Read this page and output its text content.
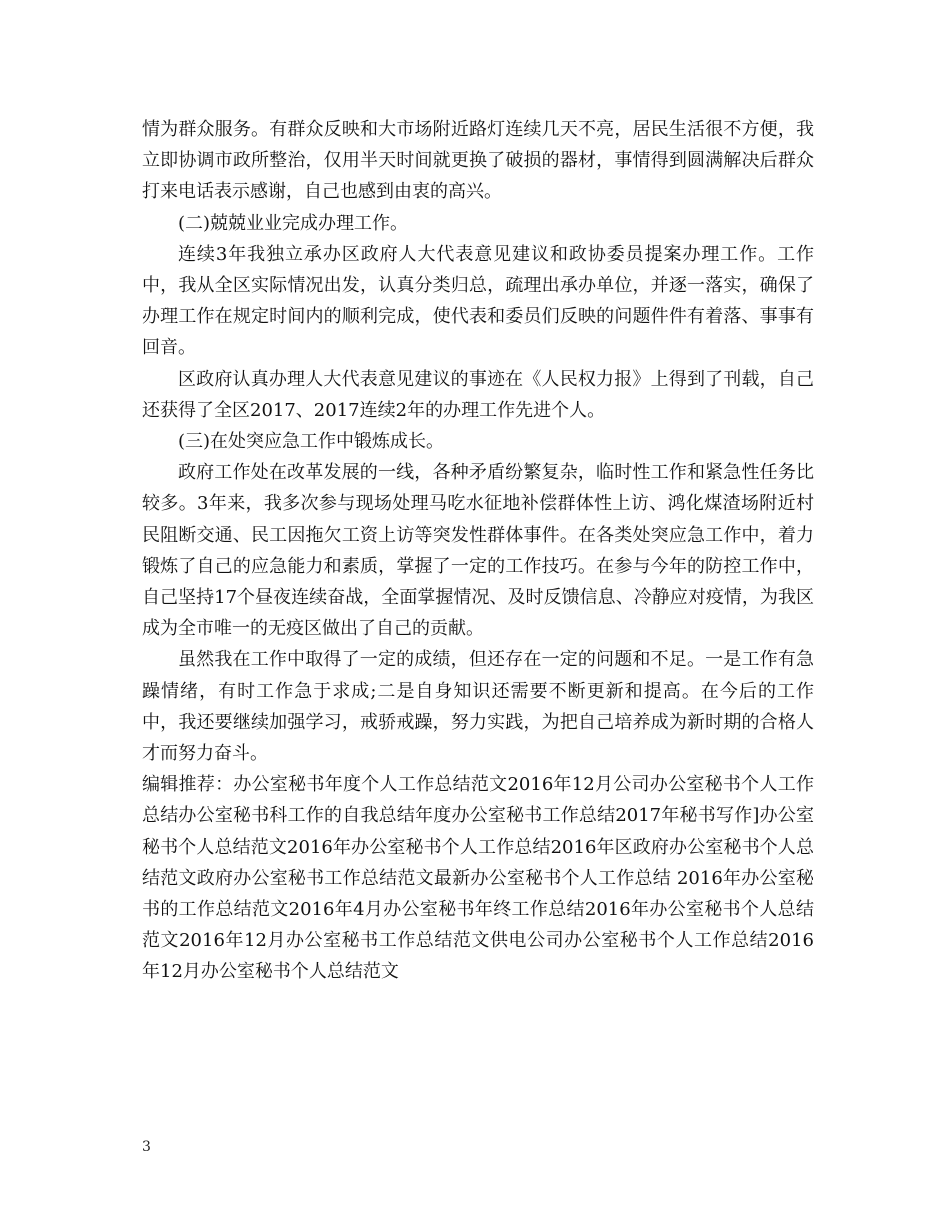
情为群众服务。有群众反映和大市场附近路灯连续几天不亮，居民生活很不方便，我立即协调市政所整治，仅用半天时间就更换了破损的器材，事情得到圆满解决后群众打来电话表示感谢，自己也感到由衷的高兴。

(二)兢兢业业完成办理工作。

连续3年我独立承办区政府人大代表意见建议和政协委员提案办理工作。工作中，我从全区实际情况出发，认真分类归总，疏理出承办单位，并逐一落实，确保了办理工作在规定时间内的顺利完成，使代表和委员们反映的问题件件有着落、事事有回音。

区政府认真办理人大代表意见建议的事迹在《人民权力报》上得到了刊载，自己还获得了全区2017、2017连续2年的办理工作先进个人。

(三)在处突应急工作中锻炼成长。

政府工作处在改革发展的一线，各种矛盾纷繁复杂，临时性工作和紧急性任务比较多。3年来，我多次参与现场处理马吃水征地补偿群体性上访、鸿化煤渣场附近村民阻断交通、民工因拖欠工资上访等突发性群体事件。在各类处突应急工作中，着力锻炼了自己的应急能力和素质，掌握了一定的工作技巧。在参与今年的防控工作中，自己坚持17个昼夜连续奋战，全面掌握情况、及时反馈信息、冷静应对疫情，为我区成为全市唯一的无疫区做出了自己的贡献。

虽然我在工作中取得了一定的成绩，但还存在一定的问题和不足。一是工作有急躁情绪，有时工作急于求成;二是自身知识还需要不断更新和提高。在今后的工作中，我还要继续加强学习，戒骄戒躁，努力实践，为把自己培养成为新时期的合格人才而努力奋斗。

编辑推荐：办公室秘书年度个人工作总结范文2016年12月公司办公室秘书个人工作总结办公室秘书科工作的自我总结年度办公室秘书工作总结2017年秘书写作]办公室秘书个人总结范文2016年办公室秘书个人工作总结2016年区政府办公室秘书个人总结范文政府办公室秘书工作总结范文最新办公室秘书个人工作总结 2016年办公室秘书的工作总结范文2016年4月办公室秘书年终工作总结2016年办公室秘书个人总结范文2016年12月办公室秘书工作总结范文供电公司办公室秘书个人工作总结2016年12月办公室秘书个人总结范文

3
